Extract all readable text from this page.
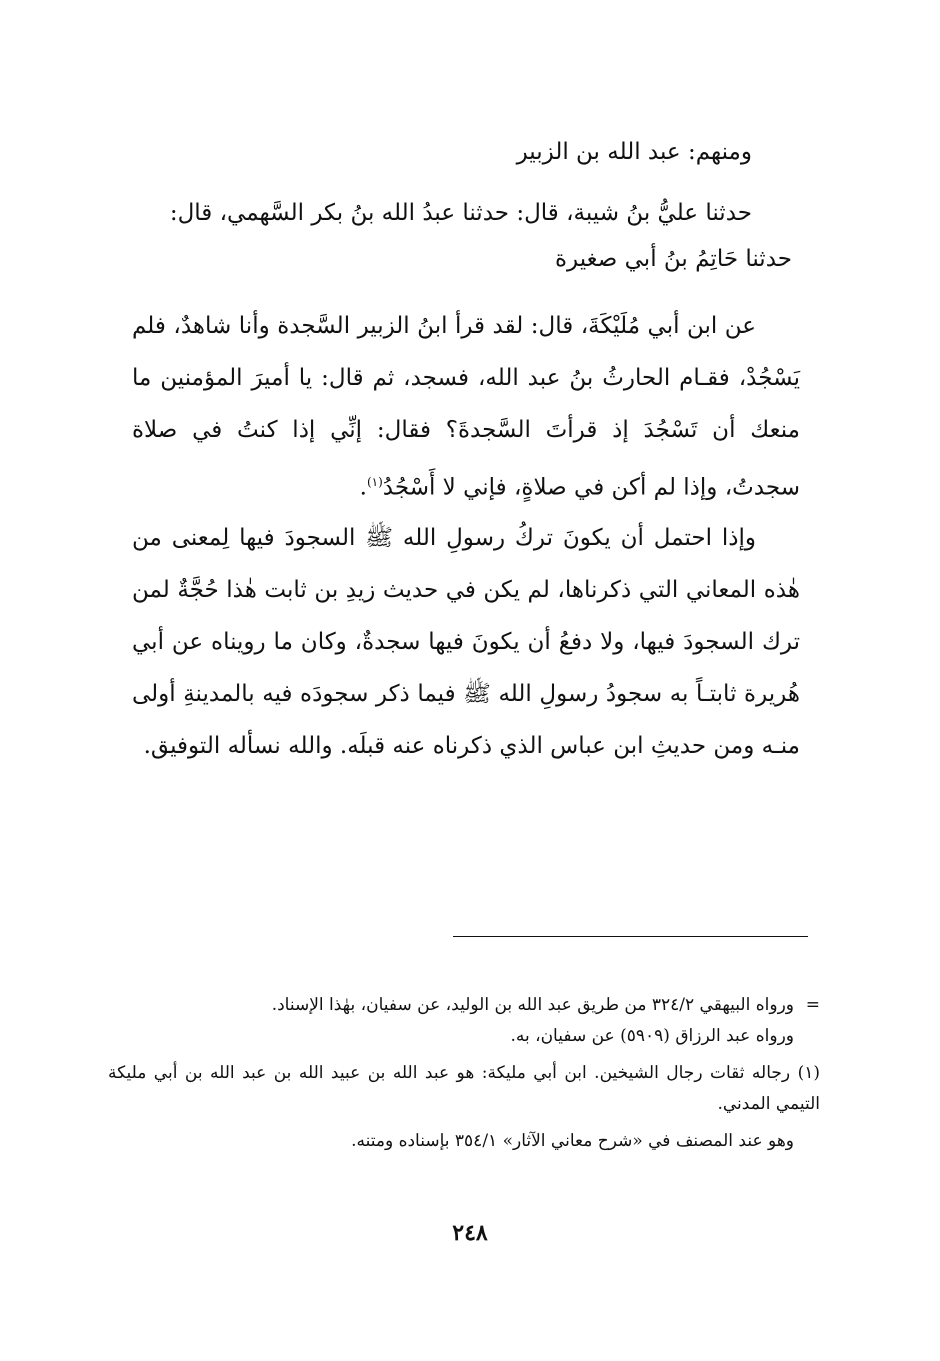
ومنهم: عبد الله بن الزبير
حدثنا عليُّ بنُ شيبة، قال: حدثنا عبدُ الله بنُ بكر السَّهمي، قال:
حدثنا حَاتِمُ بنُ أبي صغيرة

عن ابن أبي مُلَيْكَةَ، قال: لقد قرأ ابنُ الزبير السَّجدة وأنا شاهدٌ، فلم يَسْجُدْ، فقـام الحارثُ بنُ عبد الله، فسجد، ثم قال: يا أميرَ المؤمنين ما منعك أن تَسْجُدَ إذ قرأتَ السَّجدةَ؟ فقال: إنِّي إذا كنتُ في صلاة سجدتُ، وإذا لم أكن في صلاةٍ، فإني لا أَسْجُدُ$^{(١)}$.

وإذا احتمل أن يكونَ تركُ رسولِ الله ﷺ السجودَ فيها لِمعنى من هٰذه المعاني التي ذكرناها، لم يكن في حديث زيدِ بن ثابت هٰذا حُجَّةٌ لمن ترك السجودَ فيها، ولا دفعُ أن يكونَ فيها سجدةٌ، وكان ما رويناه عن أبي هُريرة ثابتـاً به سجودُ رسولِ الله ﷺ فيما ذكر سجودَه فيه بالمدينةِ أولى منـه ومن حديثِ ابن عباس الذي ذكرناه عنه قبلَه. والله نسأله التوفيق.

=ورواه البيهقي ٣٢٤/٢ من طريق عبد الله بن الوليد، عن سفيان، بهٰذا الإسناد.
ورواه عبد الرزاق (٥٩٠٩) عن سفيان، به.

(١) رجاله ثقات رجال الشيخين. ابن أبي مليكة: هو عبد الله بن عبيد الله بن عبد الله بن أبي مليكة التيمي المدني.

وهو عند المصنف في «شرح معاني الآثار» ٣٥٤/١ بإسناده ومتنه.

٢٤٨
